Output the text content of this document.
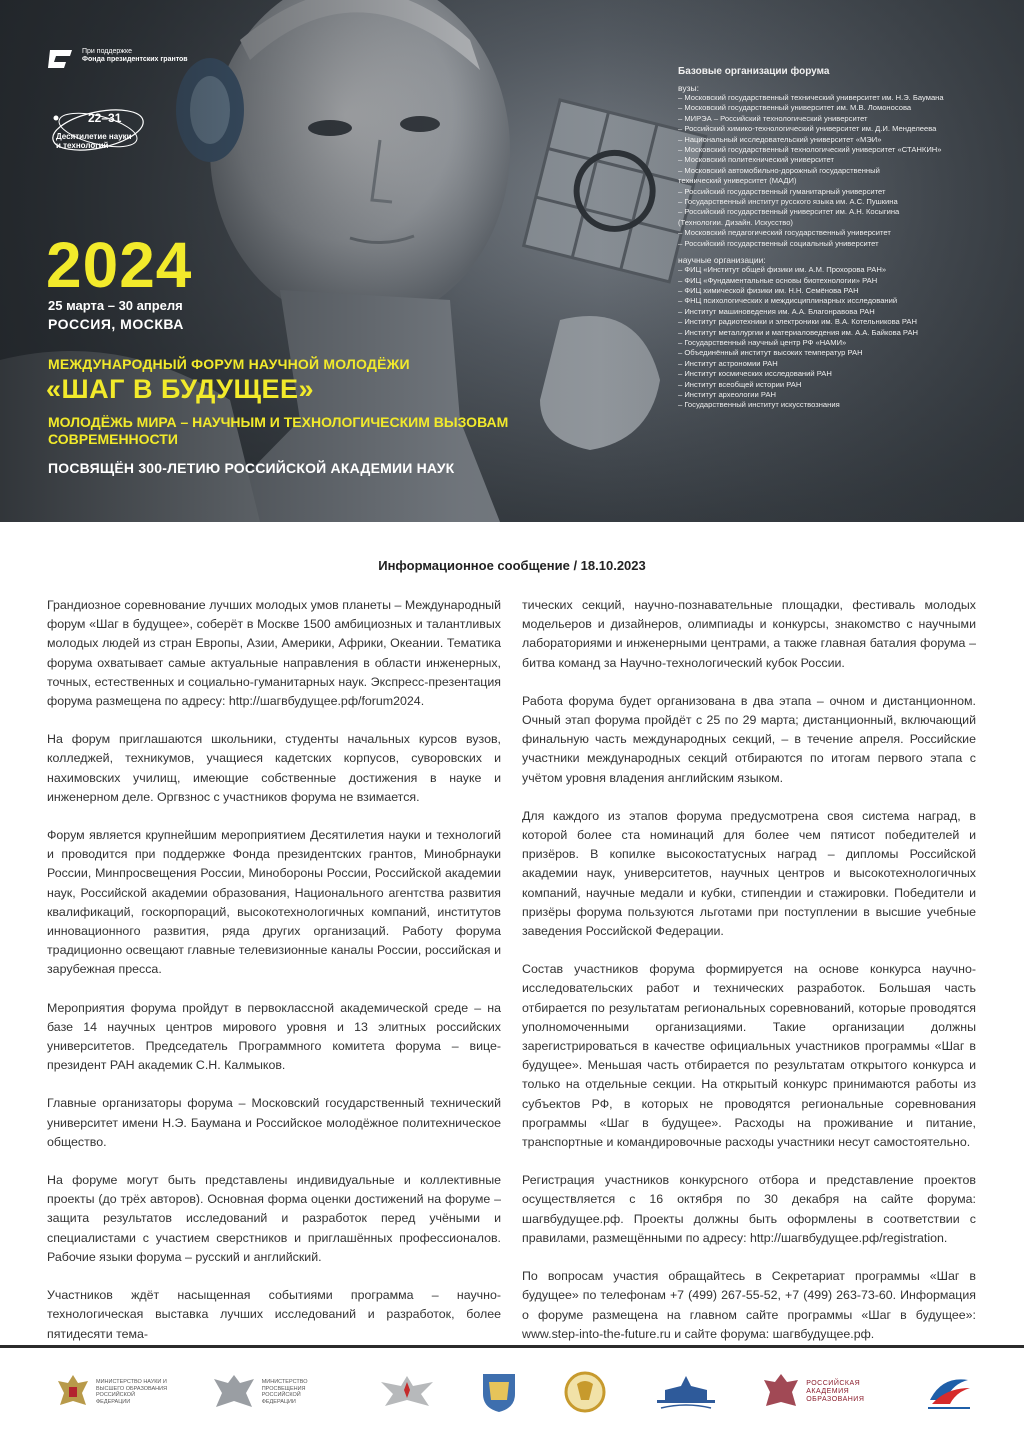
При поддержке
Фонда президентских грантов
22–31
Десятилетие науки и технологий
2024
25 марта – 30 апреля
РОССИЯ, МОСКВА
МЕЖДУНАРОДНЫЙ ФОРУМ НАУЧНОЙ МОЛОДЁЖИ
«ШАГ В БУДУЩЕЕ»
МОЛОДЁЖЬ МИРА – НАУЧНЫМ И ТЕХНОЛОГИЧЕСКИМ ВЫЗОВАМ СОВРЕМЕННОСТИ
ПОСВЯЩЁН 300-ЛЕТИЮ РОССИЙСКОЙ АКАДЕМИИ НАУК
Базовые организации форума
вузы:
– Московский государственный технический университет им. Н.Э. Баумана
– Московский государственный университет им. М.В. Ломоносова
– МИРЭА – Российский технологический университет
– Российский химико-технологический университет им. Д.И. Менделеева
– Национальный исследовательский университет «МЭИ»
– Московский государственный технологический университет «СТАНКИН»
– Московский политехнический университет
– Московский автомобильно-дорожный государственный
технический университет (МАДИ)
– Российский государственный гуманитарный университет
– Государственный институт русского языка им. А.С. Пушкина
– Российский государственный университет им. А.Н. Косыгина
(Технологии. Дизайн. Искусство)
– Московский педагогический государственный университет
– Российский государственный социальный университет
научные организации:
– ФИЦ «Институт общей физики им. А.М. Прохорова РАН»
– ФИЦ «Фундаментальные основы биотехнологии» РАН
– ФИЦ химической физики им. Н.Н. Семёнова РАН
– ФНЦ психологических и междисциплинарных исследований
– Институт машиноведения им. А.А. Благонравова РАН
– Институт радиотехники и электроники им. В.А. Котельникова РАН
– Институт металлургии и материаловедения им. А.А. Байкова РАН
– Государственный научный центр РФ «НАМИ»
– Объединённый институт высоких температур РАН
– Институт астрономии РАН
– Институт космических исследований РАН
– Институт всеобщей истории РАН
– Институт археологии РАН
– Государственный институт искусствознания
Информационное сообщение / 18.10.2023

Грандиозное соревнование лучших молодых умов планеты – Международный форум «Шаг в будущее», соберёт в Москве 1500 амбициозных и талантливых молодых людей из стран Европы, Азии, Америки, Африки, Океании. Тематика форума охватывает самые актуальные направления в области инженерных, точных, естественных и социально-гуманитарных наук. Экспресс-презентация форума размещена по адресу: http://шагвбудущее.рф/forum2024.

На форум приглашаются школьники, студенты начальных курсов вузов, колледжей, техникумов, учащиеся кадетских корпусов, суворовских и нахимовских училищ, имеющие собственные достижения в науке и инженерном деле. Оргвзнос с участников форума не взимается.

Форум является крупнейшим мероприятием Десятилетия науки и технологий и проводится при поддержке Фонда президентских грантов, Минобрнауки России, Минпросвещения России, Минобороны России, Российской академии наук, Российской академии образования, Национального агентства развития квалификаций, госкорпораций, высокотехнологичных компаний, институтов инновационного развития, ряда других организаций. Работу форума традиционно освещают главные телевизионные каналы России, российская и зарубежная пресса.

Мероприятия форума пройдут в первоклассной академической среде – на базе 14 научных центров мирового уровня и 13 элитных российских университетов. Председатель Программного комитета форума – вице-президент РАН академик С.Н. Калмыков.

Главные организаторы форума – Московский государственный технический университет имени Н.Э. Баумана и Российское молодёжное политехническое общество.

На форуме могут быть представлены индивидуальные и коллективные проекты (до трёх авторов). Основная форма оценки достижений на форуме – защита результатов исследований и разработок перед учёными и специалистами с участием сверстников и приглашённых профессионалов. Рабочие языки форума – русский и английский.

Участников ждёт насыщенная событиями программа – научно-технологическая выставка лучших исследований и разработок, более пятидесяти тема-

тических секций, научно-познавательные площадки, фестиваль молодых модельеров и дизайнеров, олимпиады и конкурсы, знакомство с научными лабораториями и инженерными центрами, а также главная баталия форума – битва команд за Научно-технологический кубок России.

Работа форума будет организована в два этапа – очном и дистанционном. Очный этап форума пройдёт с 25 по 29 марта; дистанционный, включающий финальную часть международных секций, – в течение апреля. Российские участники международных секций отбираются по итогам первого этапа с учётом уровня владения английским языком.

Для каждого из этапов форума предусмотрена своя система наград, в которой более ста номинаций для более чем пятисот победителей и призёров. В копилке высокостатусных наград – дипломы Российской академии наук, университетов, научных центров и высокотехнологичных компаний, научные медали и кубки, стипендии и стажировки. Победители и призёры форума пользуются льготами при поступлении в высшие учебные заведения Российской Федерации.

Состав участников форума формируется на основе конкурса научно-исследовательских работ и технических разработок. Большая часть отбирается по результатам региональных соревнований, которые проводятся уполномоченными организациями. Такие организации должны зарегистрироваться в качестве официальных участников программы «Шаг в будущее». Меньшая часть отбирается по результатам открытого конкурса и только на отдельные секции. На открытый конкурс принимаются работы из субъектов РФ, в которых не проводятся региональные соревнования программы «Шаг в будущее». Расходы на проживание и питание, транспортные и командировочные расходы участники несут самостоятельно.

Регистрация участников конкурсного отбора и представление проектов осуществляется с 16 октября по 30 декабря на сайте форума: шагвбудущее.рф. Проекты должны быть оформлены в соответствии с правилами, размещёнными по адресу: http://шагвбудущее.рф/registration.

По вопросам участия обращайтесь в Секретариат программы «Шаг в будущее» по телефонам +7 (499) 267-55-52, +7 (499) 263-73-60. Информация о форуме размещена на главном сайте программы «Шаг в будущее»: www.step-into-the-future.ru и сайте форума: шагвбудущее.рф.

МИНИСТЕРСТВО НАУКИ И ВЫСШЕГО ОБРАЗОВАНИЯ РОССИЙСКОЙ ФЕДЕРАЦИИ
МИНИСТЕРСТВО ПРОСВЕЩЕНИЯ РОССИЙСКОЙ ФЕДЕРАЦИИ
РОССИЙСКАЯ АКАДЕМИЯ ОБРАЗОВАНИЯ
